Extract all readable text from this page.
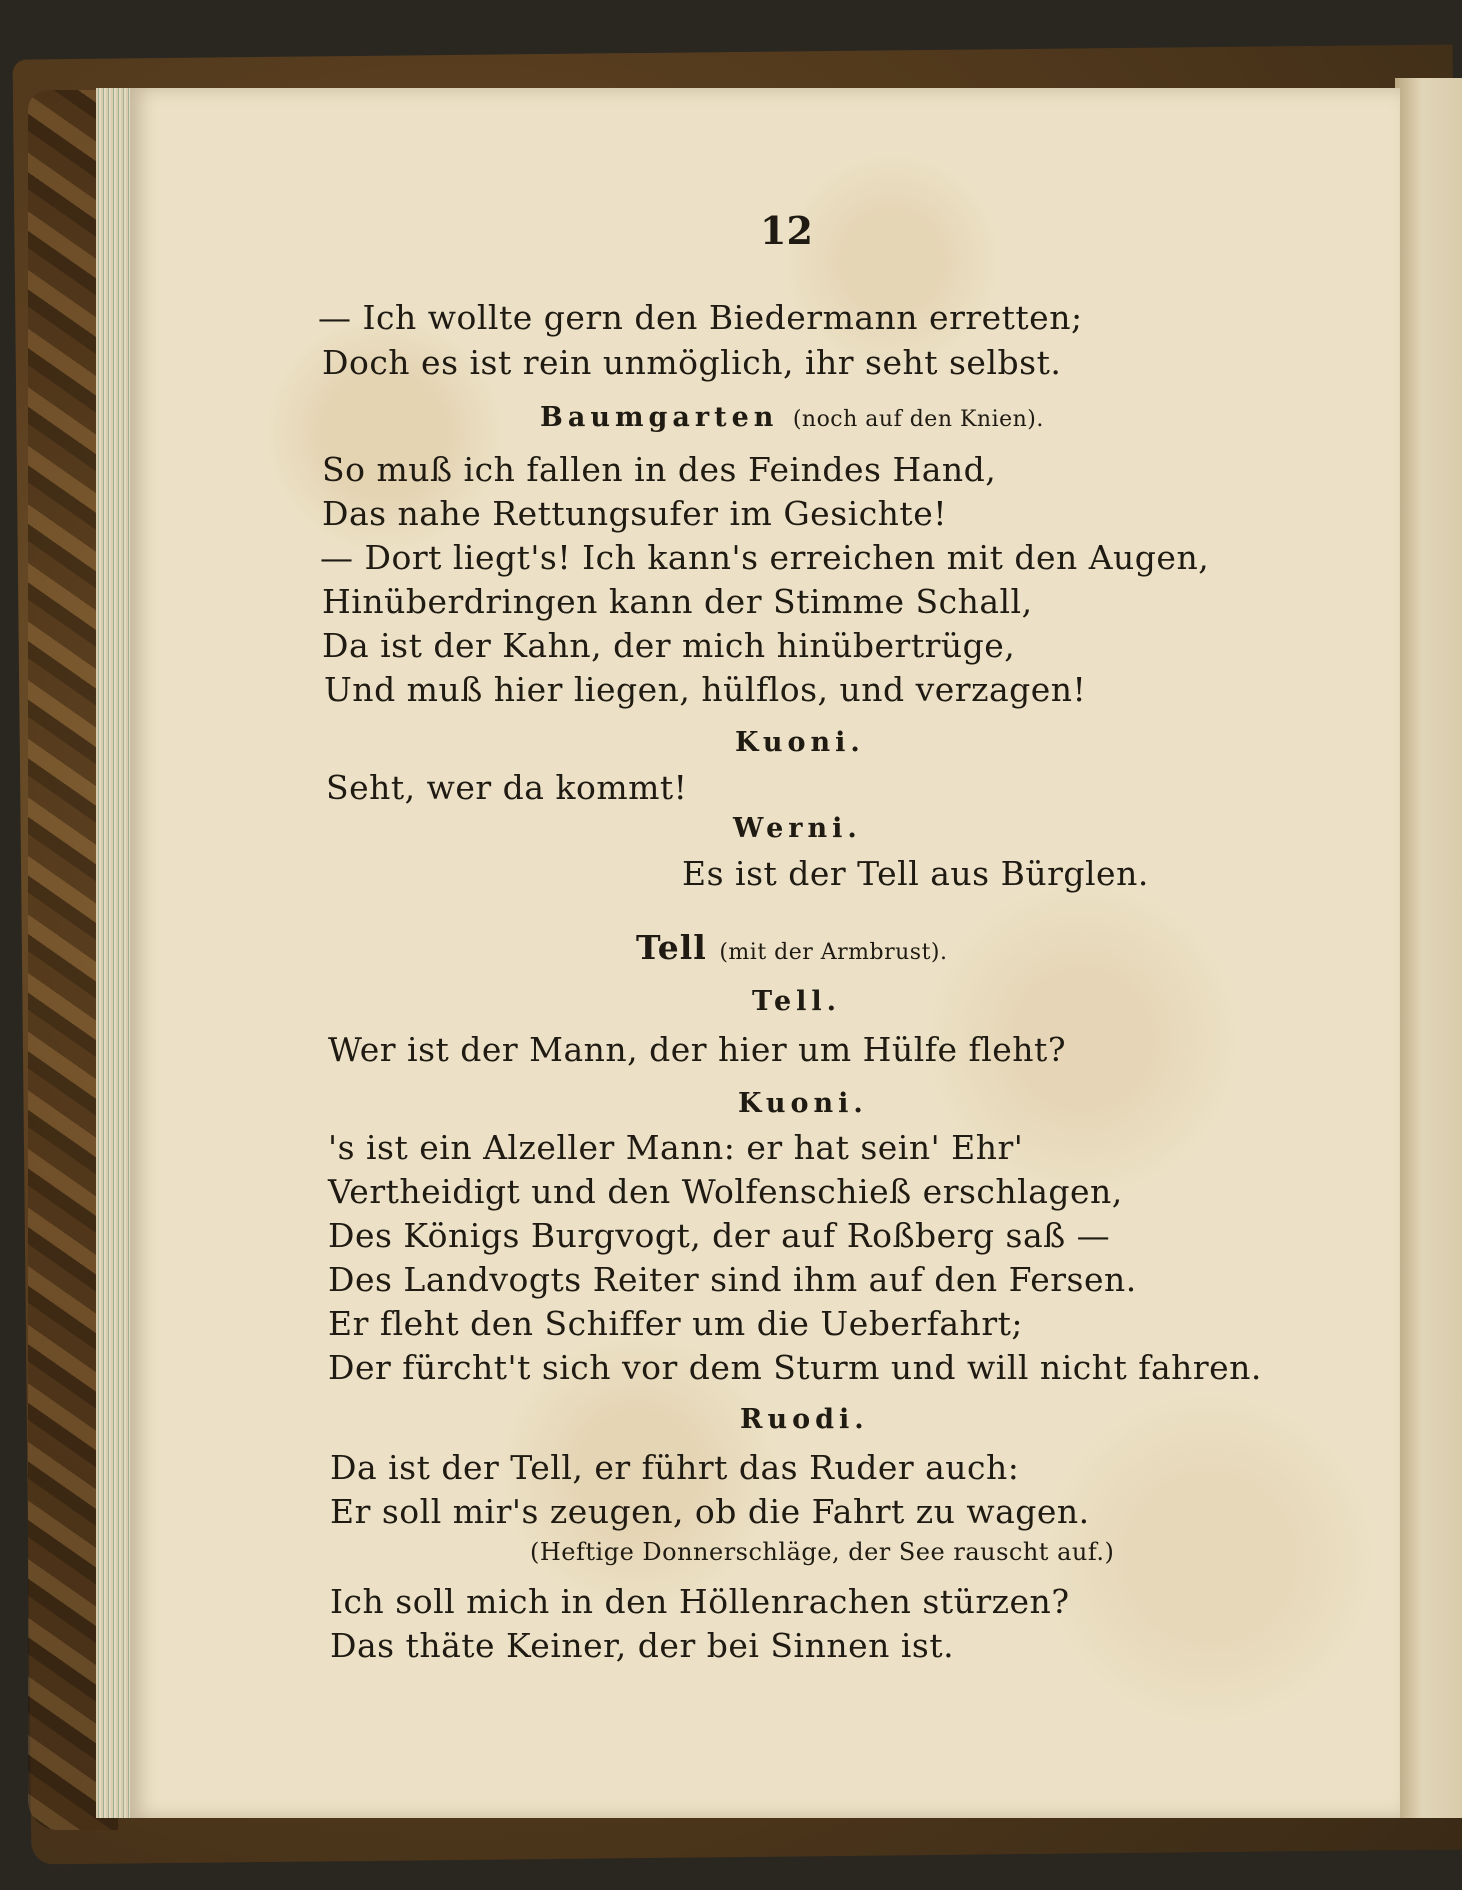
12
— Ich wollte gern den Biedermann erretten;
Doch es ist rein unmöglich, ihr seht selbst.
Baumgarten (noch auf den Knien).
So muß ich fallen in des Feindes Hand,
Das nahe Rettungsufer im Gesichte!
— Dort liegt's! Ich kann's erreichen mit den Augen,
Hinüberdringen kann der Stimme Schall,
Da ist der Kahn, der mich hinübertrüge,
Und muß hier liegen, hülflos, und verzagen!
Kuoni.
Seht, wer da kommt!
Werni.
Es ist der Tell aus Bürglen.
Tell (mit der Armbrust).
Tell.
Wer ist der Mann, der hier um Hülfe fleht?
Kuoni.
's ist ein Alzeller Mann: er hat sein' Ehr'
Vertheidigt und den Wolfenschieß erschlagen,
Des Königs Burgvogt, der auf Roßberg saß —
Des Landvogts Reiter sind ihm auf den Fersen.
Er fleht den Schiffer um die Ueberfahrt;
Der fürcht't sich vor dem Sturm und will nicht fahren.
Ruodi.
Da ist der Tell, er führt das Ruder auch:
Er soll mir's zeugen, ob die Fahrt zu wagen.
(Heftige Donnerschläge, der See rauscht auf.)
Ich soll mich in den Höllenrachen stürzen?
Das thäte Keiner, der bei Sinnen ist.
